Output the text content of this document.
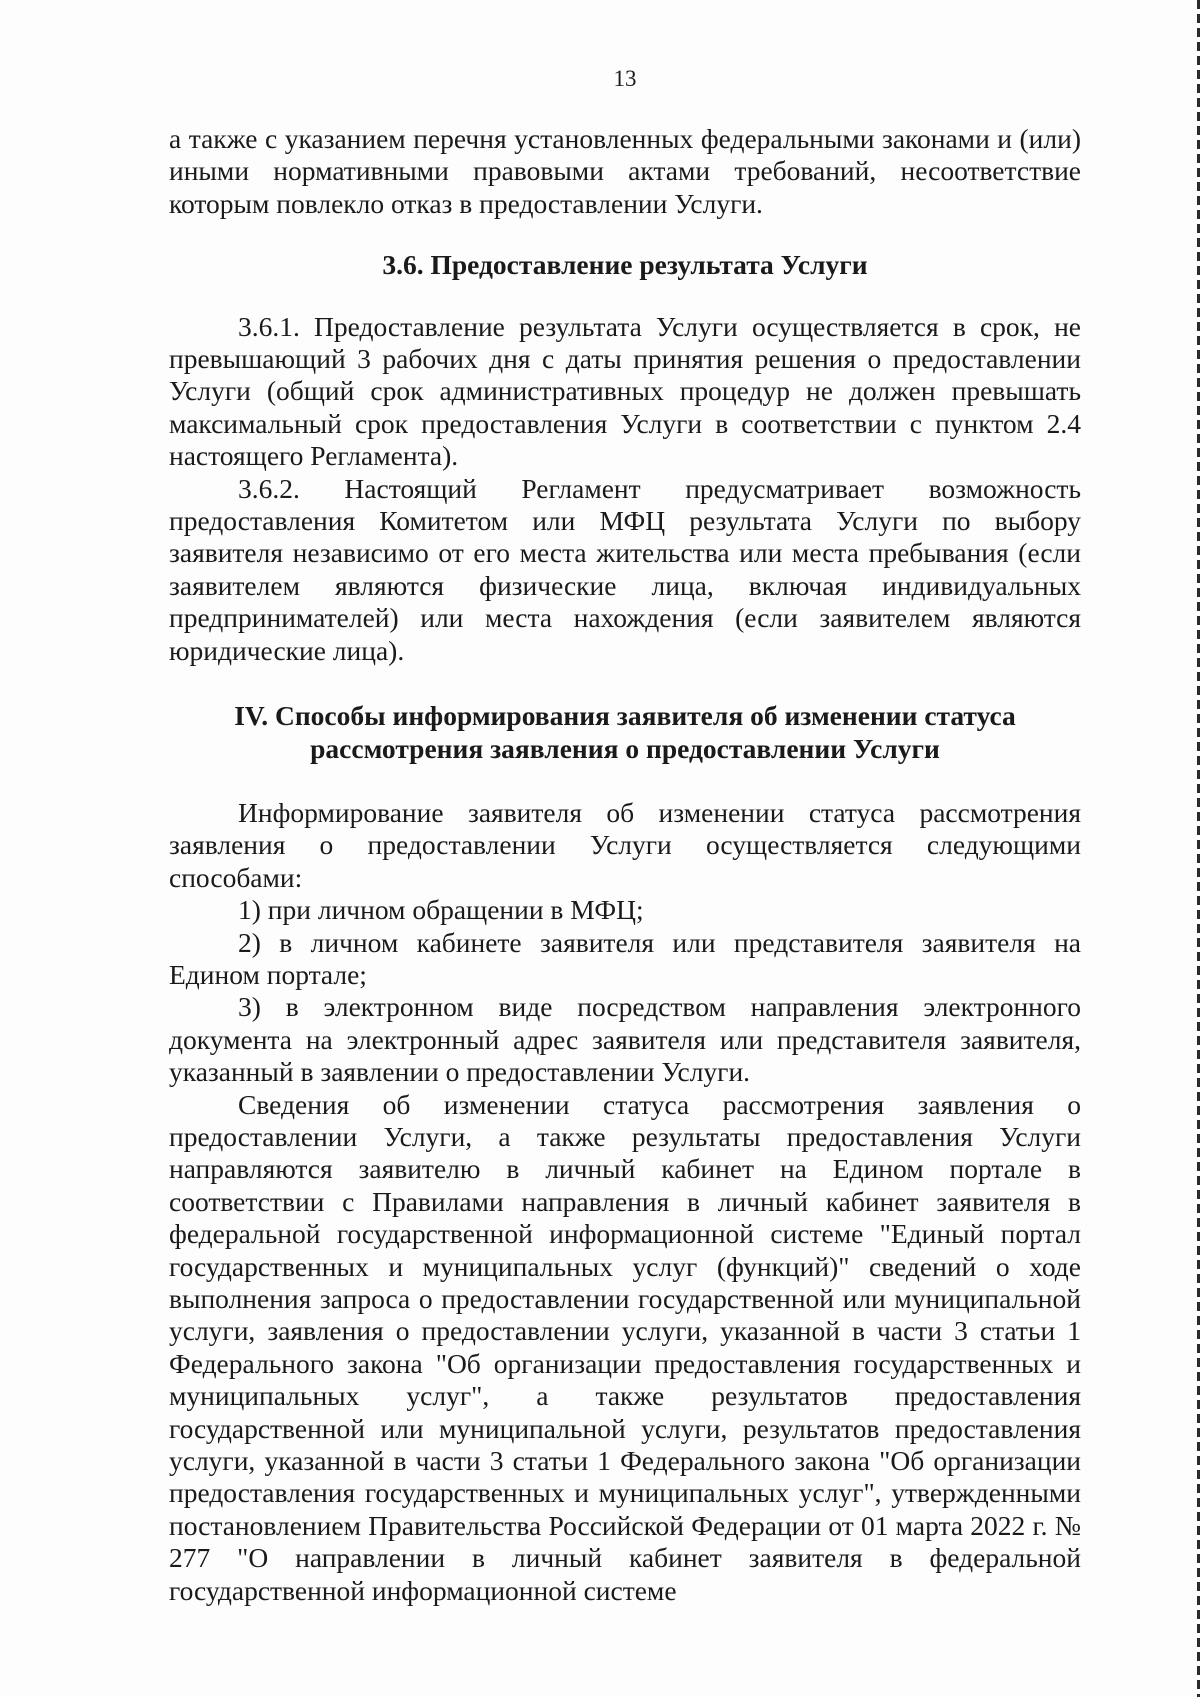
13

а также с указанием перечня установленных федеральными законами и (или) иными нормативными правовыми актами требований, несоответствие которым повлекло отказ в предоставлении Услуги.

3.6. Предоставление результата Услуги

3.6.1. Предоставление результата Услуги осуществляется в срок, не превышающий 3 рабочих дня с даты принятия решения о предоставлении Услуги (общий срок административных процедур не должен превышать максимальный срок предоставления Услуги в соответствии с пунктом 2.4 настоящего Регламента).

3.6.2. Настоящий Регламент предусматривает возможность предоставления Комитетом или МФЦ результата Услуги по выбору заявителя независимо от его места жительства или места пребывания (если заявителем являются физические лица, включая индивидуальных предпринимателей) или места нахождения (если заявителем являются юридические лица).

IV. Способы информирования заявителя об изменении статуса

рассмотрения заявления о предоставлении Услуги

Информирование заявителя об изменении статуса рассмотрения заявления о предоставлении Услуги осуществляется следующими способами:

1) при личном обращении в МФЦ;

2) в личном кабинете заявителя или представителя заявителя на Едином портале;

3) в электронном виде посредством направления электронного документа на электронный адрес заявителя или представителя заявителя, указанный в заявлении о предоставлении Услуги.

Сведения об изменении статуса рассмотрения заявления о предоставлении Услуги, а также результаты предоставления Услуги направляются заявителю в личный кабинет на Едином портале в соответствии с Правилами направления в личный кабинет заявителя в федеральной государственной информационной системе "Единый портал государственных и муниципальных услуг (функций)" сведений о ходе выполнения запроса о предоставлении государственной или муниципальной услуги, заявления о предоставлении услуги, указанной в части 3 статьи 1 Федерального закона "Об организации предоставления государственных и муниципальных услуг", а также результатов предоставления государственной или муниципальной услуги, результатов предоставления услуги, указанной в части 3 статьи 1 Федерального закона "Об организации предоставления государственных и муниципальных услуг", утвержденными постановлением Правительства Российской Федерации от 01 марта 2022 г. № 277 "О направлении в личный кабинет заявителя в федеральной государственной информационной системе
